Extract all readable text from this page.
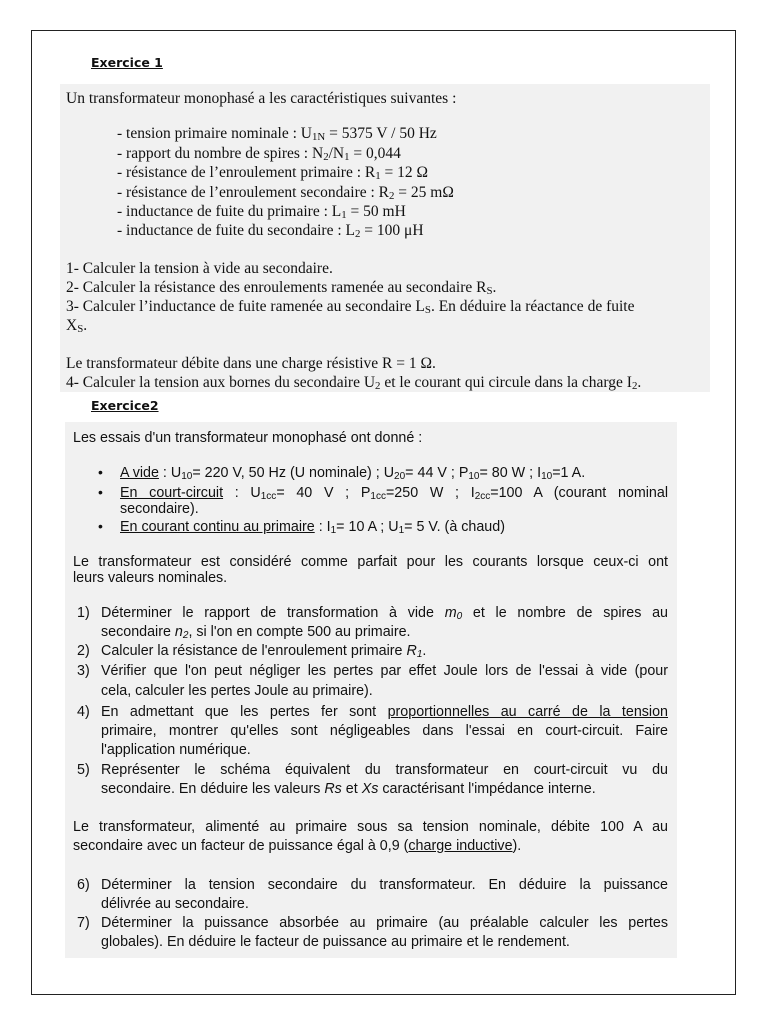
Exercice 1
Un transformateur monophasé a les caractéristiques suivantes :
- tension primaire nominale : $U_{1N} = 5375$ V / 50 Hz
- rapport du nombre de spires : $N_2/N_1 = 0,044$
- résistance de l’enroulement primaire : $R_1 = 12$ Ω
- résistance de l’enroulement secondaire : $R_2 = 25$ mΩ
- inductance de fuite du primaire : $L_1 = 50$ mH
- inductance de fuite du secondaire : $L_2 = 100$ μH
1- Calculer la tension à vide au secondaire.
2- Calculer la résistance des enroulements ramenée au secondaire $R_S$.
3- Calculer l’inductance de fuite ramenée au secondaire $L_S$. En déduire la réactance de fuite
$X_S$.
Le transformateur débite dans une charge résistive R = 1 Ω.
4- Calculer la tension aux bornes du secondaire $U_2$ et le courant qui circule dans la charge $I_2$.
Exercice2
Les essais d'un transformateur monophasé ont donné :
• A vide : $U_{10}= 220$ V, 50 Hz (U nominale) ; $U_{20}= 44$ V ; $P_{10}= 80$ W ; $I_{10}=1$ A.
• En court-circuit : $U_{1cc}= 40$ V ; $P_{1cc}=250$ W ; $I_{2cc}=100$ A (courant nominal
secondaire).
• En courant continu au primaire : $I_1= 10$ A ; $U_1= 5$ V. (à chaud)
Le transformateur est considéré comme parfait pour les courants lorsque ceux-ci ont
leurs valeurs nominales.
1) Déterminer le rapport de transformation à vide $m_0$ et le nombre de spires au
secondaire $n_2$, si l'on en compte 500 au primaire.
2) Calculer la résistance de l'enroulement primaire $R_1$.
3) Vérifier que l'on peut négliger les pertes par effet Joule lors de l'essai à vide (pour
cela, calculer les pertes Joule au primaire).
4) En admettant que les pertes fer sont proportionnelles au carré de la tension
primaire, montrer qu'elles sont négligeables dans l'essai en court-circuit. Faire
l'application numérique.
5) Représenter le schéma équivalent du transformateur en court-circuit vu du
secondaire. En déduire les valeurs Rs et Xs caractérisant l'impédance interne.
Le transformateur, alimenté au primaire sous sa tension nominale, débite 100 A au
secondaire avec un facteur de puissance égal à 0,9 (charge inductive).
6) Déterminer la tension secondaire du transformateur. En déduire la puissance
délivrée au secondaire.
7) Déterminer la puissance absorbée au primaire (au préalable calculer les pertes
globales). En déduire le facteur de puissance au primaire et le rendement.
